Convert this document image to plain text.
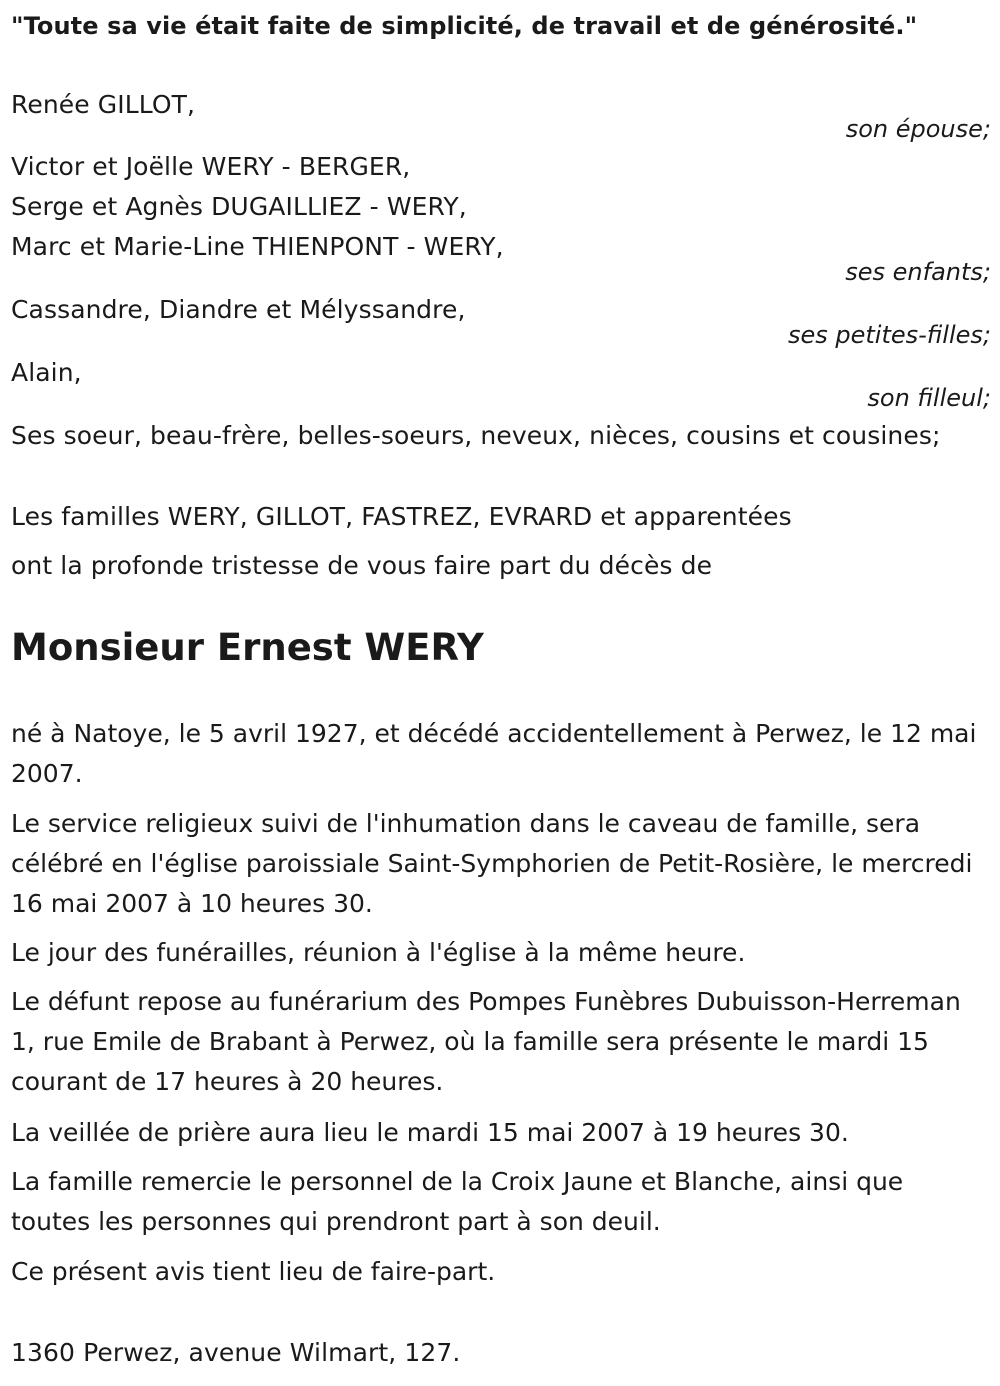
"Toute sa vie était faite de simplicité, de travail et de générosité."
Renée GILLOT,
son épouse;
Victor et Joëlle WERY - BERGER,
Serge et Agnès DUGAILLIEZ - WERY,
Marc et Marie-Line THIENPONT - WERY,
ses enfants;
Cassandre, Diandre et Mélyssandre,
ses petites-filles;
Alain,
son filleul;
Ses soeur, beau-frère, belles-soeurs, neveux, nièces, cousins et cousines;
Les familles WERY, GILLOT, FASTREZ, EVRARD et apparentées
ont la profonde tristesse de vous faire part du décès de
Monsieur Ernest WERY
né à Natoye, le 5 avril 1927, et décédé accidentellement à Perwez, le 12 mai 2007.
Le service religieux suivi de l'inhumation dans le caveau de famille, sera célébré en l'église paroissiale Saint-Symphorien de Petit-Rosière, le mercredi 16 mai 2007 à 10 heures 30.
Le jour des funérailles, réunion à l'église à la même heure.
Le défunt repose au funérarium des Pompes Funèbres Dubuisson-Herreman 1, rue Emile de Brabant à Perwez, où la famille sera présente le mardi 15 courant de 17 heures à 20 heures.
La veillée de prière aura lieu le mardi 15 mai 2007 à 19 heures 30.
La famille remercie le personnel de la Croix Jaune et Blanche, ainsi que toutes les personnes qui prendront part à son deuil.
Ce présent avis tient lieu de faire-part.
1360 Perwez, avenue Wilmart, 127.
